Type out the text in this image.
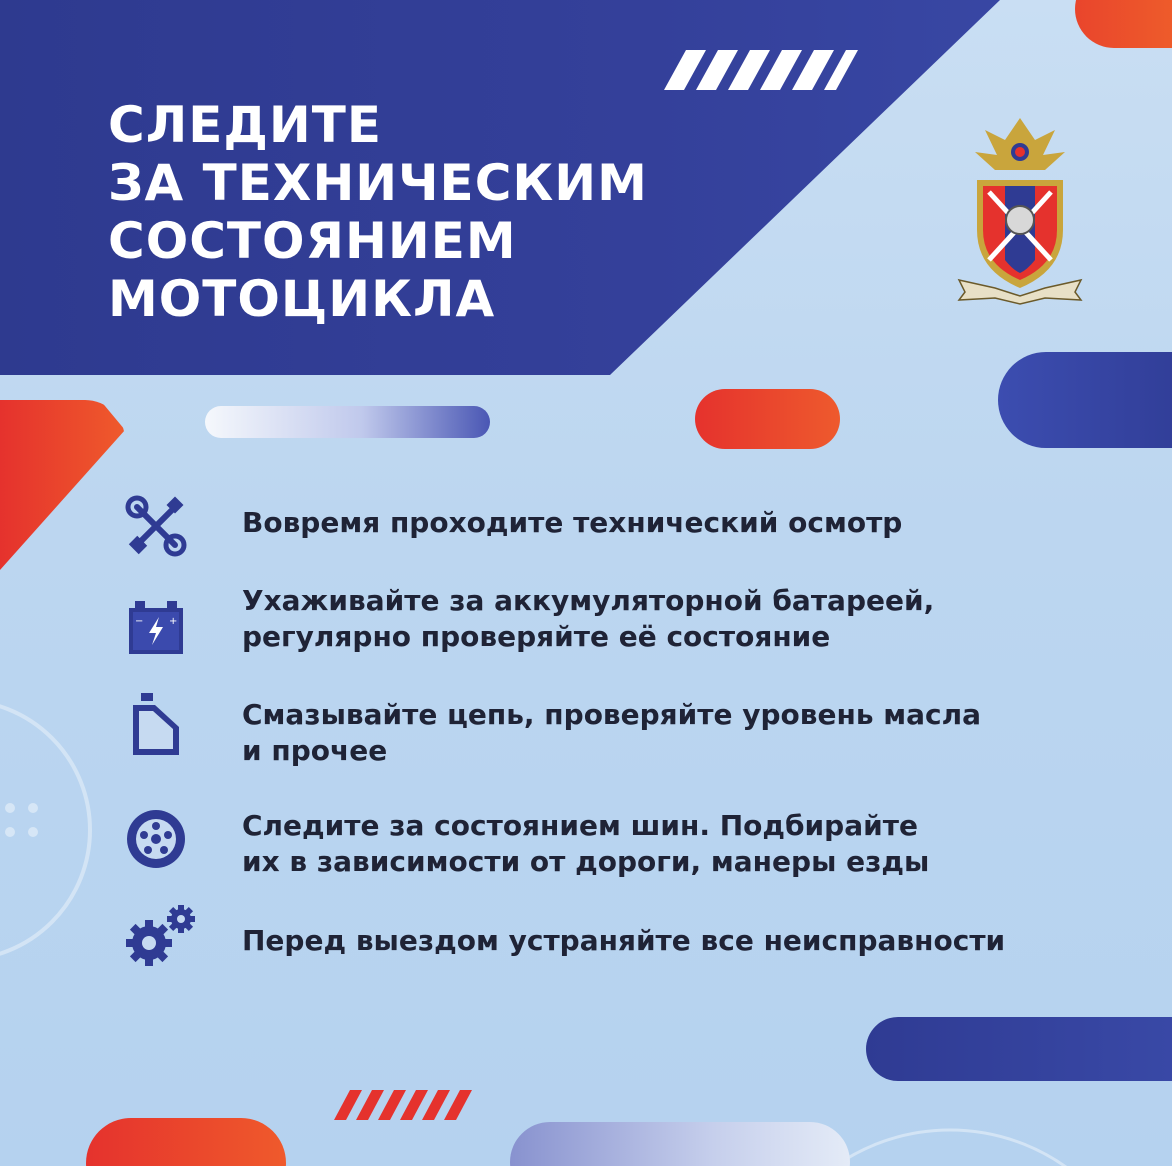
СЛЕДИТЕ
ЗА ТЕХНИЧЕСКИМ
СОСТОЯНИЕМ
МОТОЦИКЛА

Вовремя проходите технический осмотр

−	+

Ухаживайте за аккумуляторной батареей,
регулярно проверяйте её состояние

Смазывайте цепь, проверяйте уровень масла
и прочее

Следите за состоянием шин. Подбирайте
их в зависимости от дороги, манеры езды

Перед выездом устраняйте все неисправности
